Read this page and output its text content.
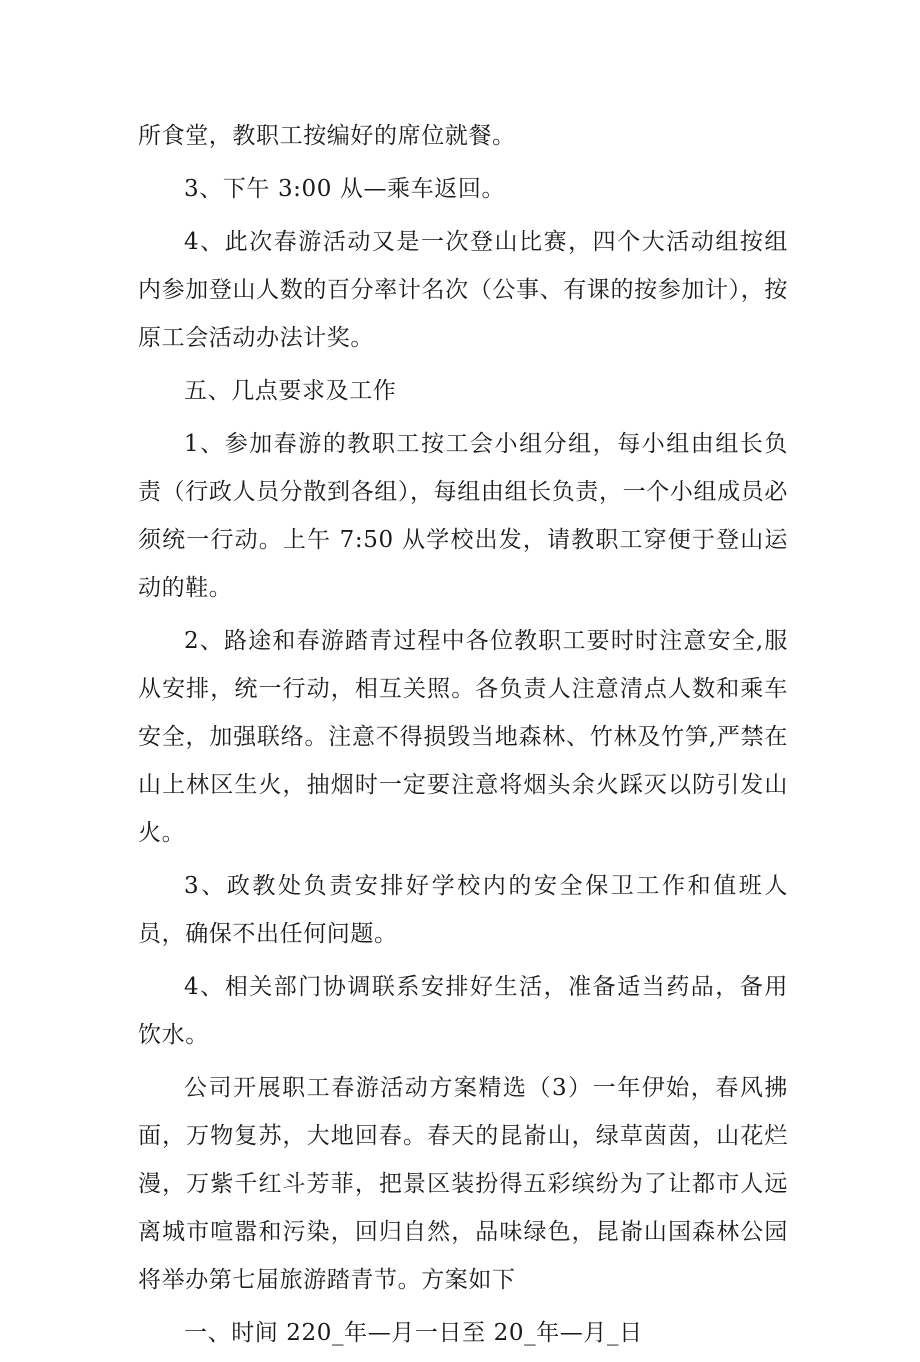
所食堂，教职工按编好的席位就餐。

3、下午 3:00 从—乘车返回。

4、此次春游活动又是一次登山比赛，四个大活动组按组内参加登山人数的百分率计名次（公事、有课的按参加计），按原工会活动办法计奖。

五、几点要求及工作

1、参加春游的教职工按工会小组分组，每小组由组长负责（行政人员分散到各组），每组由组长负责，一个小组成员必须统一行动。上午 7:50 从学校出发，请教职工穿便于登山运动的鞋。

2、路途和春游踏青过程中各位教职工要时时注意安全,服从安排，统一行动，相互关照。各负责人注意清点人数和乘车安全，加强联络。注意不得损毁当地森林、竹林及竹笋,严禁在山上林区生火，抽烟时一定要注意将烟头余火踩灭以防引发山火。

3、政教处负责安排好学校内的安全保卫工作和值班人员，确保不出任何问题。

4、相关部门协调联系安排好生活，准备适当药品，备用饮水。

公司开展职工春游活动方案精选（3）一年伊始，春风拂面，万物复苏，大地回春。春天的昆嵛山，绿草茵茵，山花烂漫，万紫千红斗芳菲，把景区装扮得五彩缤纷为了让都市人远离城市喧嚣和污染，回归自然，品味绿色，昆嵛山国森林公园将举办第七届旅游踏青节。方案如下

一、时间 220_年—月一日至 20_年—月_日
